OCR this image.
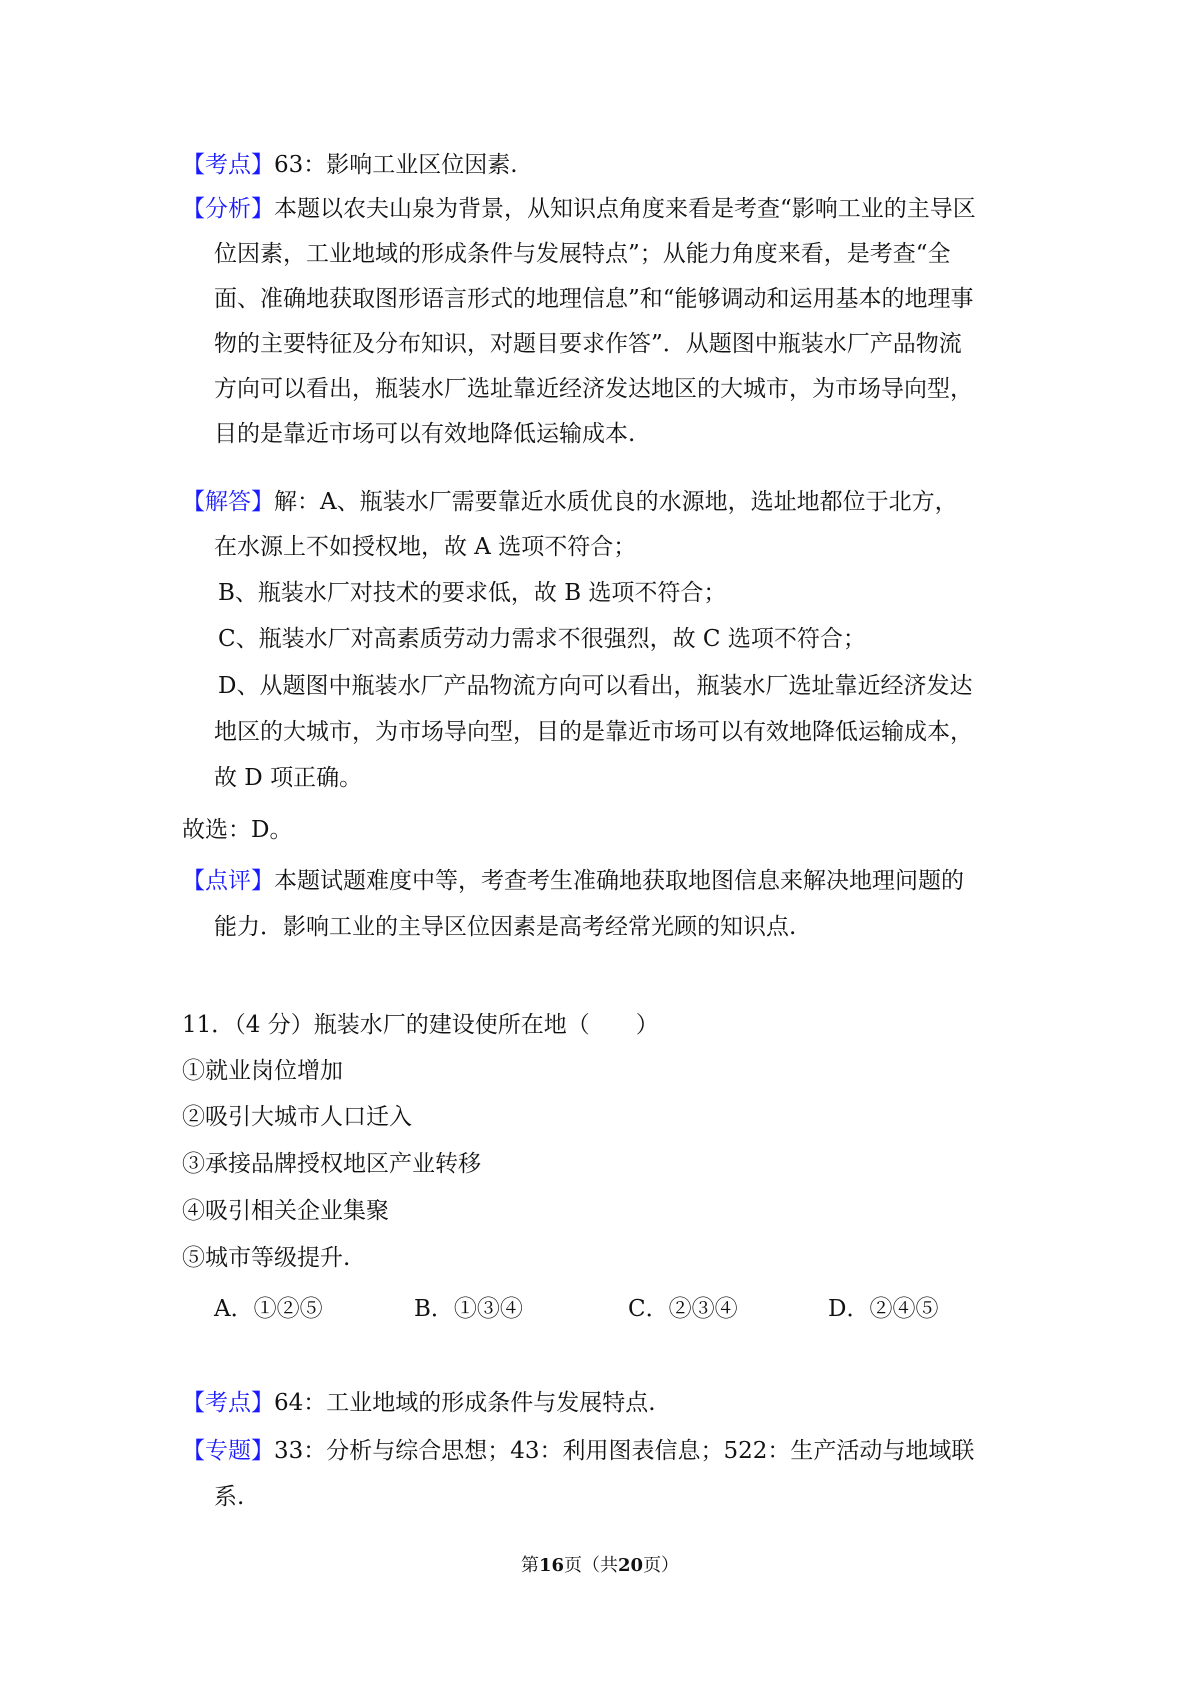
【考点】63：影响工业区位因素.
【分析】本题以农夫山泉为背景，从知识点角度来看是考查“影响工业的主导区
位因素，工业地域的形成条件与发展特点”；从能力角度来看，是考查“全
面、准确地获取图形语言形式的地理信息”和“能够调动和运用基本的地理事
物的主要特征及分布知识，对题目要求作答”．从题图中瓶装水厂产品物流
方向可以看出，瓶装水厂选址靠近经济发达地区的大城市，为市场导向型，
目的是靠近市场可以有效地降低运输成本.
【解答】解：A、瓶装水厂需要靠近水质优良的水源地，选址地都位于北方，
在水源上不如授权地，故 A 选项不符合；
B、瓶装水厂对技术的要求低，故 B 选项不符合；
C、瓶装水厂对高素质劳动力需求不很强烈，故 C 选项不符合；
D、从题图中瓶装水厂产品物流方向可以看出，瓶装水厂选址靠近经济发达
地区的大城市，为市场导向型，目的是靠近市场可以有效地降低运输成本，
故 D 项正确。
故选：D。
【点评】本题试题难度中等，考查考生准确地获取地图信息来解决地理问题的
能力．影响工业的主导区位因素是高考经常光顾的知识点.
11．（4 分）瓶装水厂的建设使所在地（　　）
①就业岗位增加
②吸引大城市人口迁入
③承接品牌授权地区产业转移
④吸引相关企业集聚
⑤城市等级提升.
A．①②⑤	B．①③④	C．②③④	D．②④⑤
【考点】64：工业地域的形成条件与发展特点.
【专题】33：分析与综合思想；43：利用图表信息；522：生产活动与地域联
系.
第16页（共20页）
